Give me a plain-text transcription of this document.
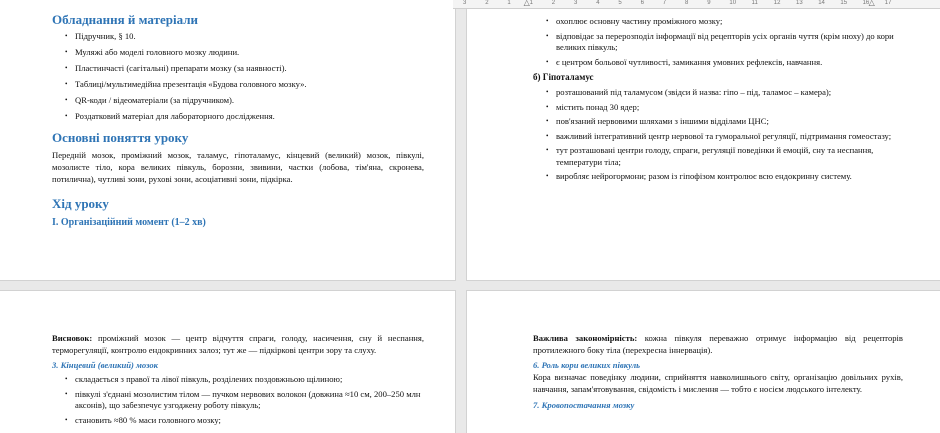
3	2	1	1	2	3	4	5	6	7	8	9	10	11	12	13	14	15	16	17
△	△
Обладнання й матеріали
• Підручник, § 10.
• Муляжі або моделі головного мозку людини.
• Пластинчасті (сагітальні) препарати мозку (за наявності).
• Таблиці/мультимедійна презентація «Будова головного мозку».
• QR-коди / відеоматеріали (за підручником).
• Роздатковий матеріал для лабораторного дослідження.
Основні поняття уроку

Передній мозок, проміжний мозок, таламус, гіпоталамус, кінцевий (великий) мозок, півкулі, мозолисте тіло, кора великих півкуль, борозни, звивини, частки (лобова, тім'яна, скронева, потилична), чутливі зони, рухові зони, асоціативні зони, підкірка.

Хід уроку
І. Організаційний момент (1–2 хв)
• охоплює основну частину проміжного мозку;
• відповідає за перерозподіл інформації від рецепторів усіх органів чуття (крім нюху) до кори великих півкуль;
• є центром больової чутливості, замикання умовних рефлексів, навчання.

б) Гіпоталамус

• розташований під таламусом (звідси й назва: гіпо – під, таламос – камера);
• містить понад 30 ядер;
• пов'язаний нервовими шляхами з іншими відділами ЦНС;
• важливий інтегративний центр нервової та гуморальної регуляції, підтримання гомеостазу;
• тут розташовані центри голоду, спраги, регуляції поведінки й емоцій, сну та неспання, температури тіла;
• виробляє нейрогормони; разом із гіпофізом контролює всю ендокринну систему.

Висновок: проміжний мозок — центр відчуття спраги, голоду, насичення, сну й неспання, терморегуляції, контролю ендокринних залоз; тут же — підкіркові центри зору та слуху.

3. Кінцевий (великий) мозок

• складається з правої та лівої півкуль, розділених поздовжньою щілиною;
• півкулі з'єднані мозолистим тілом — пучком нервових волокон (довжина ≈10 см, 200–250 млн аксонів), що забезпечує узгоджену роботу півкуль;
• становить ≈80 % маси головного мозку;

Важлива закономірність: кожна півкуля переважно отримує інформацію від рецепторів протилежного боку тіла (перехресна іннервація).

6. Роль кори великих півкуль

Кора визначає поведінку людини, сприйняття навколишнього світу, організацію довільних рухів, навчання, запам'ятовування, свідомість і мислення — тобто є носієм людського інтелекту.

7. Кровопостачання мозку
